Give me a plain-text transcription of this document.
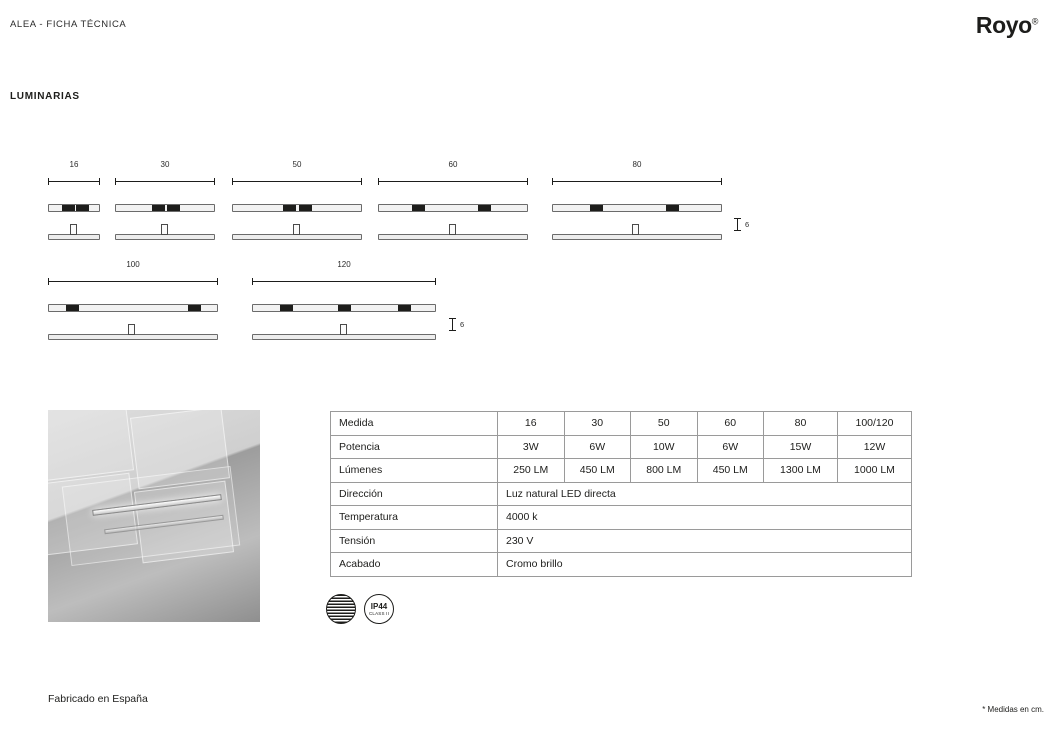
ALEA - FICHA TÉCNICA	Royo®
LUMINARIAS
16	30	50	60	80
6
100	120
6
Medida	16	30	50	60	80	100/120
Potencia	3W	6W	10W	6W	15W	12W
Lúmenes	250 LM	450 LM	800 LM	450 LM	1300 LM	1000 LM
Dirección	Luz natural LED directa					
Temperatura	4000 k					
Tensión	230 V					
Acabado	Cromo brillo					
IP44
CLASS II
Fabricado en España
* Medidas en cm.
